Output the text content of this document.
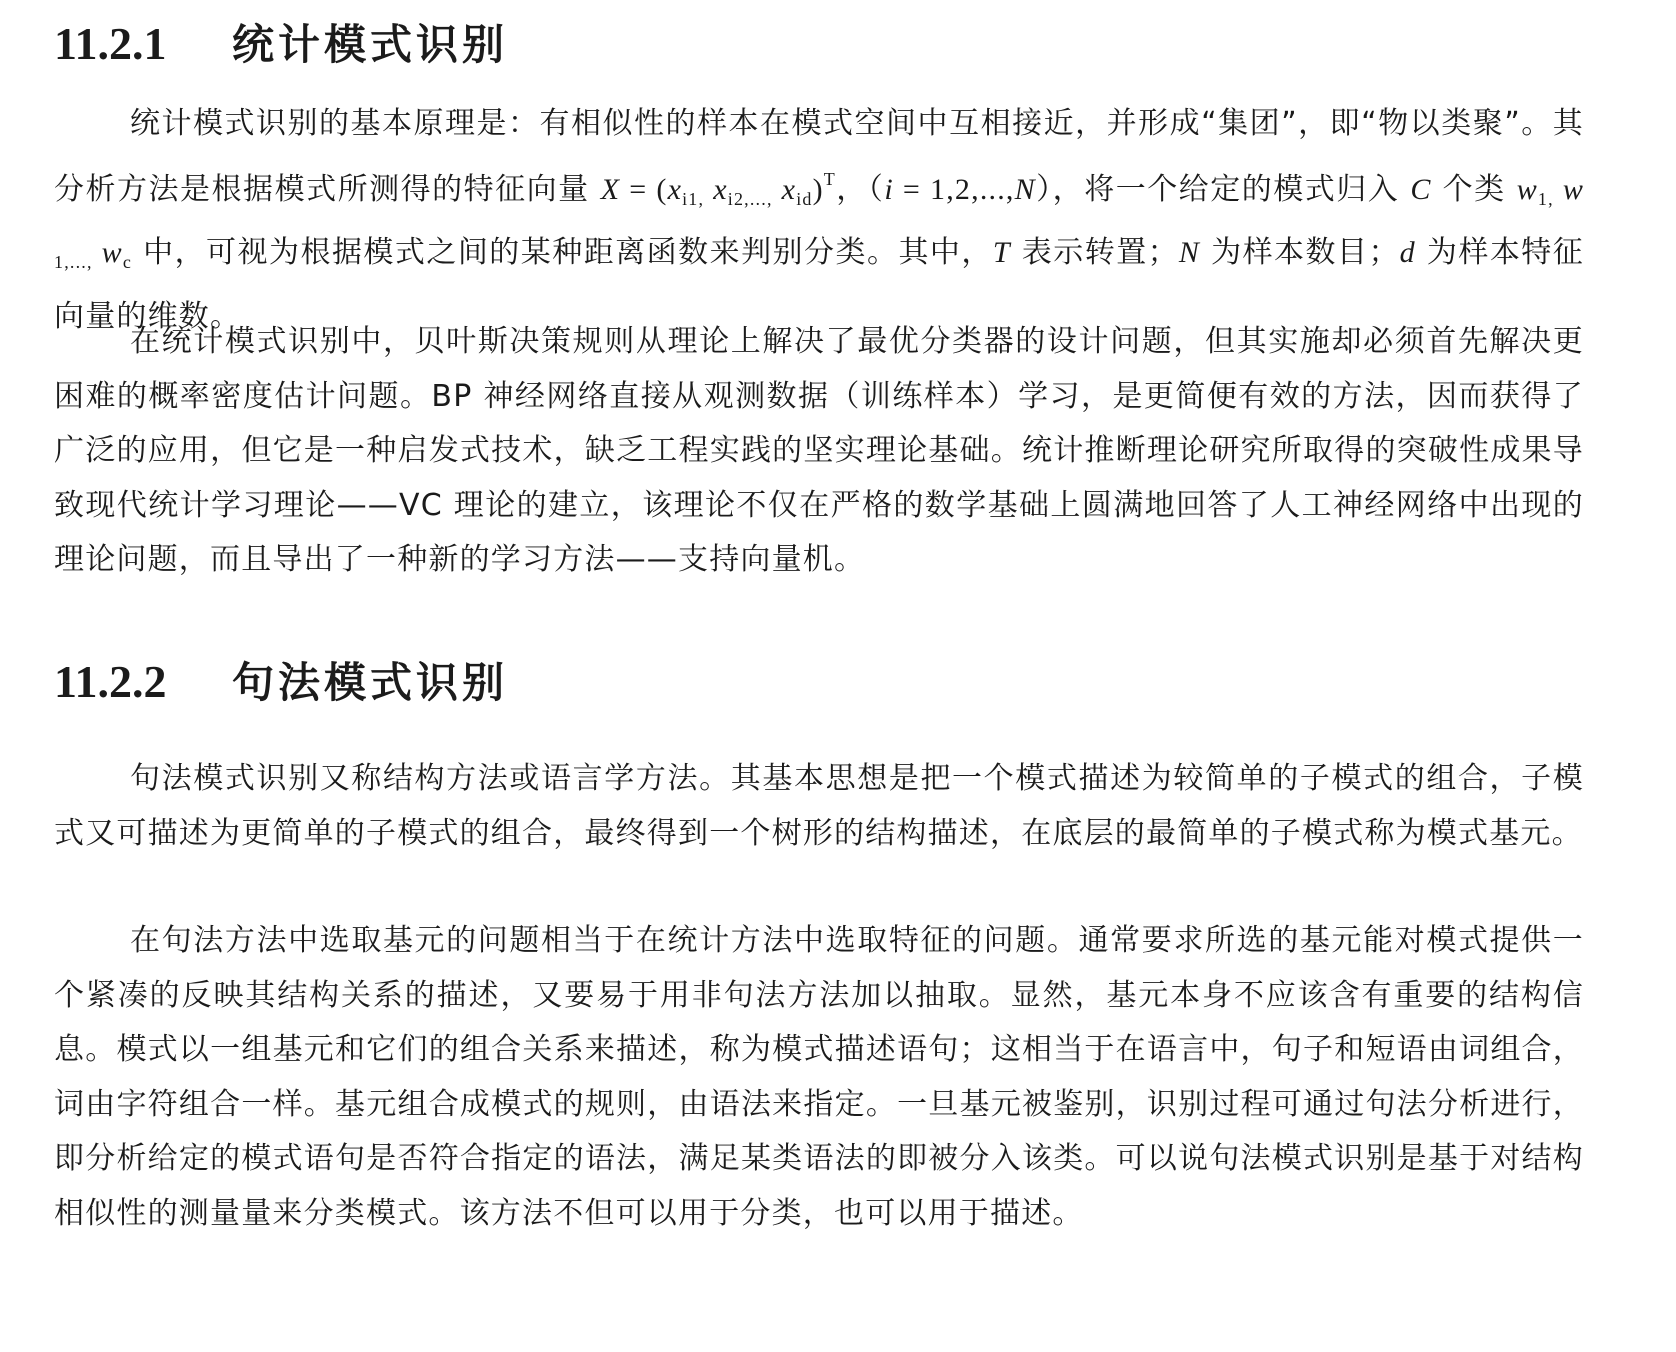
11.2.1	统计模式识别

统计模式识别的基本原理是：有相似性的样本在模式空间中互相接近，并形成“集团”，即“物以类聚”。其分析方法是根据模式所测得的特征向量 $X = (x_{i1,}$ $x_{i2,...,}$ $x_{id})^T$，（i = 1,2,...,N），将一个给定的模式归入 C 个类 $w_{1,}$ $w_{1,...,}$ $w_c$ 中，可视为根据模式之间的某种距离函数来判别分类。其中，T 表示转置；N 为样本数目；d 为样本特征向量的维数。

在统计模式识别中，贝叶斯决策规则从理论上解决了最优分类器的设计问题，但其实施却必须首先解决更困难的概率密度估计问题。BP 神经网络直接从观测数据（训练样本）学习，是更简便有效的方法，因而获得了广泛的应用，但它是一种启发式技术，缺乏工程实践的坚实理论基础。统计推断理论研究所取得的突破性成果导致现代统计学习理论——VC 理论的建立，该理论不仅在严格的数学基础上圆满地回答了人工神经网络中出现的理论问题，而且导出了一种新的学习方法——支持向量机。

11.2.2	句法模式识别

句法模式识别又称结构方法或语言学方法。其基本思想是把一个模式描述为较简单的子模式的组合，子模式又可描述为更简单的子模式的组合，最终得到一个树形的结构描述，在底层的最简单的子模式称为模式基元。

在句法方法中选取基元的问题相当于在统计方法中选取特征的问题。通常要求所选的基元能对模式提供一个紧凑的反映其结构关系的描述，又要易于用非句法方法加以抽取。显然，基元本身不应该含有重要的结构信息。模式以一组基元和它们的组合关系来描述，称为模式描述语句；这相当于在语言中，句子和短语由词组合，词由字符组合一样。基元组合成模式的规则，由语法来指定。一旦基元被鉴别，识别过程可通过句法分析进行，即分析给定的模式语句是否符合指定的语法，满足某类语法的即被分入该类。可以说句法模式识别是基于对结构相似性的测量量来分类模式。该方法不但可以用于分类，也可以用于描述。
